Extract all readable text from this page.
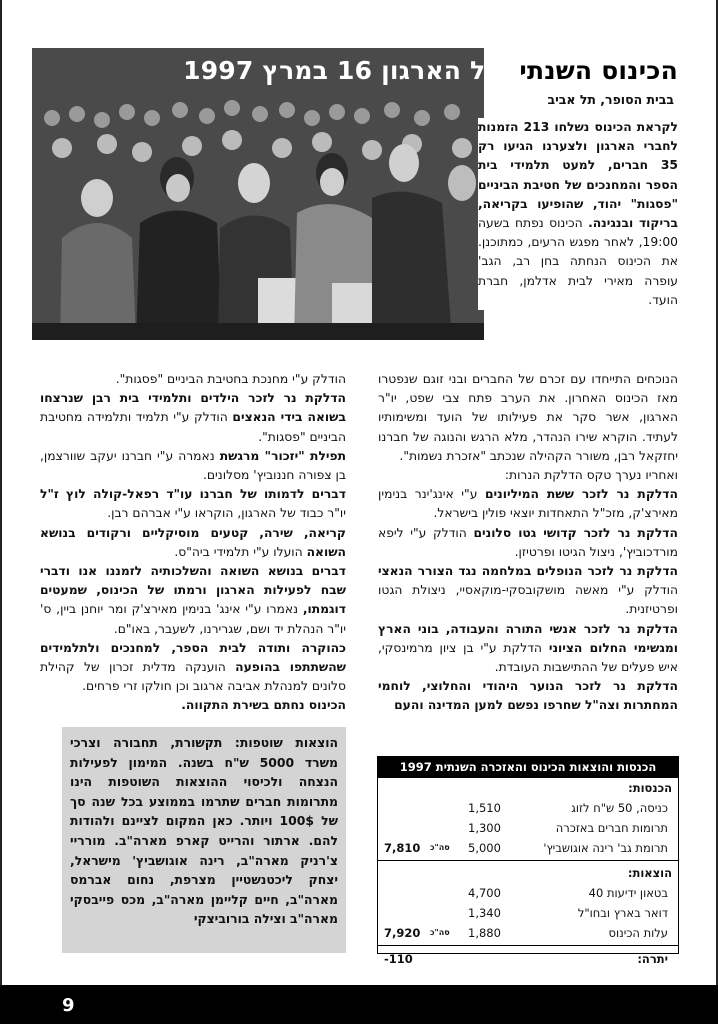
הכינוס השנתי של הארגון 16 במרץ 1997
בבית הסופר, תל אביב

לקראת הכינוס נשלחו 213 הזמנות לחברי הארגון ולצערנו הגיעו רק 35 חברים, למעט תלמידי בית הספר והמחנכים של חטיבת הביניים "פסגות" יהוד, שהופיעו בקריאה, בריקוד ובנגינה. הכינוס נפתח בשעה 19:00, לאחר מפגש הרעים, כמתוכנן. את הכינוס הנחתה בחן רב, הגב' עופרה מאירי לבית אדלמן, חברת הועד.

הנוכחים התייחדו עם זכרם של החברים ובני זוגם שנפטרו מאז הכינוס האחרון. את הערב פתח צבי שפט, יו"ר הארגון, אשר סקר את פעילותו של הועד ומשימותיו לעתיד. הוקרא שירו הנהדר, מלא הרגש והנוגה של חברנו יחזקאל רבן, משורר הקהילה שנכתב "אזכרת נשמות".

ואחריו נערך טקס הדלקת הנרות:

הדלקת נר לזכר ששת המיליונים ע"י אינג'ינר בנימין מאירצ'ק, מזכ"ל התאחדות יוצאי פולין בישראל.

הדלקת נר לזכר קדושי גטו סלונים הודלק ע"י ליפא מורדכוביץ', ניצול הגיטו ופרטיזן.

הדלקת נר לזכר הנופלים במלחמה נגד הצורר הנאצי הודלק ע"י מאשה מושקובסקי-מוקאסיי, ניצולת הגטו ופרטיזנית.

הדלקת נר לזכר אנשי התורה והעבודה, בוני הארץ ומגשימי החלום הציוני הדלקת ע"י בן ציון מרמינסקי, איש פעלים של ההתישבות העובדת.

הדלקת נר לזכר הנוער היהודי והחלוצי, לוחמי המחתרות וצה"ל שחרפו נפשם למען המדינה והעם

הודלק ע"י מחנכת בחטיבת הביניים "פסגות".

הדלקת נר לזכר הילדים ותלמידי בית רבן שנרצחו בשואה בידי הנאצים הודלק ע"י תלמיד ותלמידה מחטיבת הביניים "פסגות".

תפילת "יזכור" מרגשת נאמרה ע"י חברנו יעקב שוורצמן, בן צפורה חננוביץ' מסלונים.

דברים לדמותו של חברנו עו"ד רפאל-קולה לוץ ז"ל יו"ר כבוד של הארגון, הוקראו ע"י אברהם רבן.

קריאה, שירה, קטעים מוסיקליים ורקודים בנושא השואה הועלו ע"י תלמידי ביה"ס.

דברים בנושא השואה והשלכותיה לזמננו אנו ודברי שבח לפעילות הארגון ורמתו של הכינוס, שמעטים דוגמתו, נאמרו ע"י אינג' בנימין מאירצ'ק ומר יוחנן ביין, ס' יו"ר הנהלת יד ושם, שגרירנו, לשעבר, באו"ם.

כהוקרה ותודה לבית הספר, למחנכים ולתלמידים שהשתתפו בהופעה הוענקה מדלית זכרון של קהילת סלונים למנהלת אביבה ארגוב וכן חולקו זרי פרחים.

הכינוס נחתם בשירת התקווה.

הוצאות שוטפות: תקשורת, תחבורה וצרכי משרד 5000 ש"ח בשנה. המימון לפעילות הנצחה ולכיסוי ההוצאות השוטפות הינו מתרומות חברים שתרמו בממוצע בכל שנה סך של 100$ ויותר. כאן המקום לציינם ולהודות להם. ארתור והרייט קארפ מארה"ב. מורריי צ'רניק מארה"ב, רינה אוגושביץ' מישראל, יצחק ליכטנשטיין מצרפת, נחום אברמס מארה"ב, חיים קליימן מארה"ב, מכס פייבסקי מארה"ב וצילה בורוביצקי
הכנסות והוצאות הכינוס והאזכרה השנתית 1997
הכנסות:
כניסה, 50 ש"ח לזוג
1,510
תרומות חברים באזכרה
1,300
תרומת גב' רינה אוגושביץ'
5,000
סה"כ
7,810
הוצאות:
בטאון ידיעות 40
4,700
דואר בארץ ובחו"ל
1,340
עלות הכינוס
1,880
סה"כ
7,920
יתרה:
-110
9
